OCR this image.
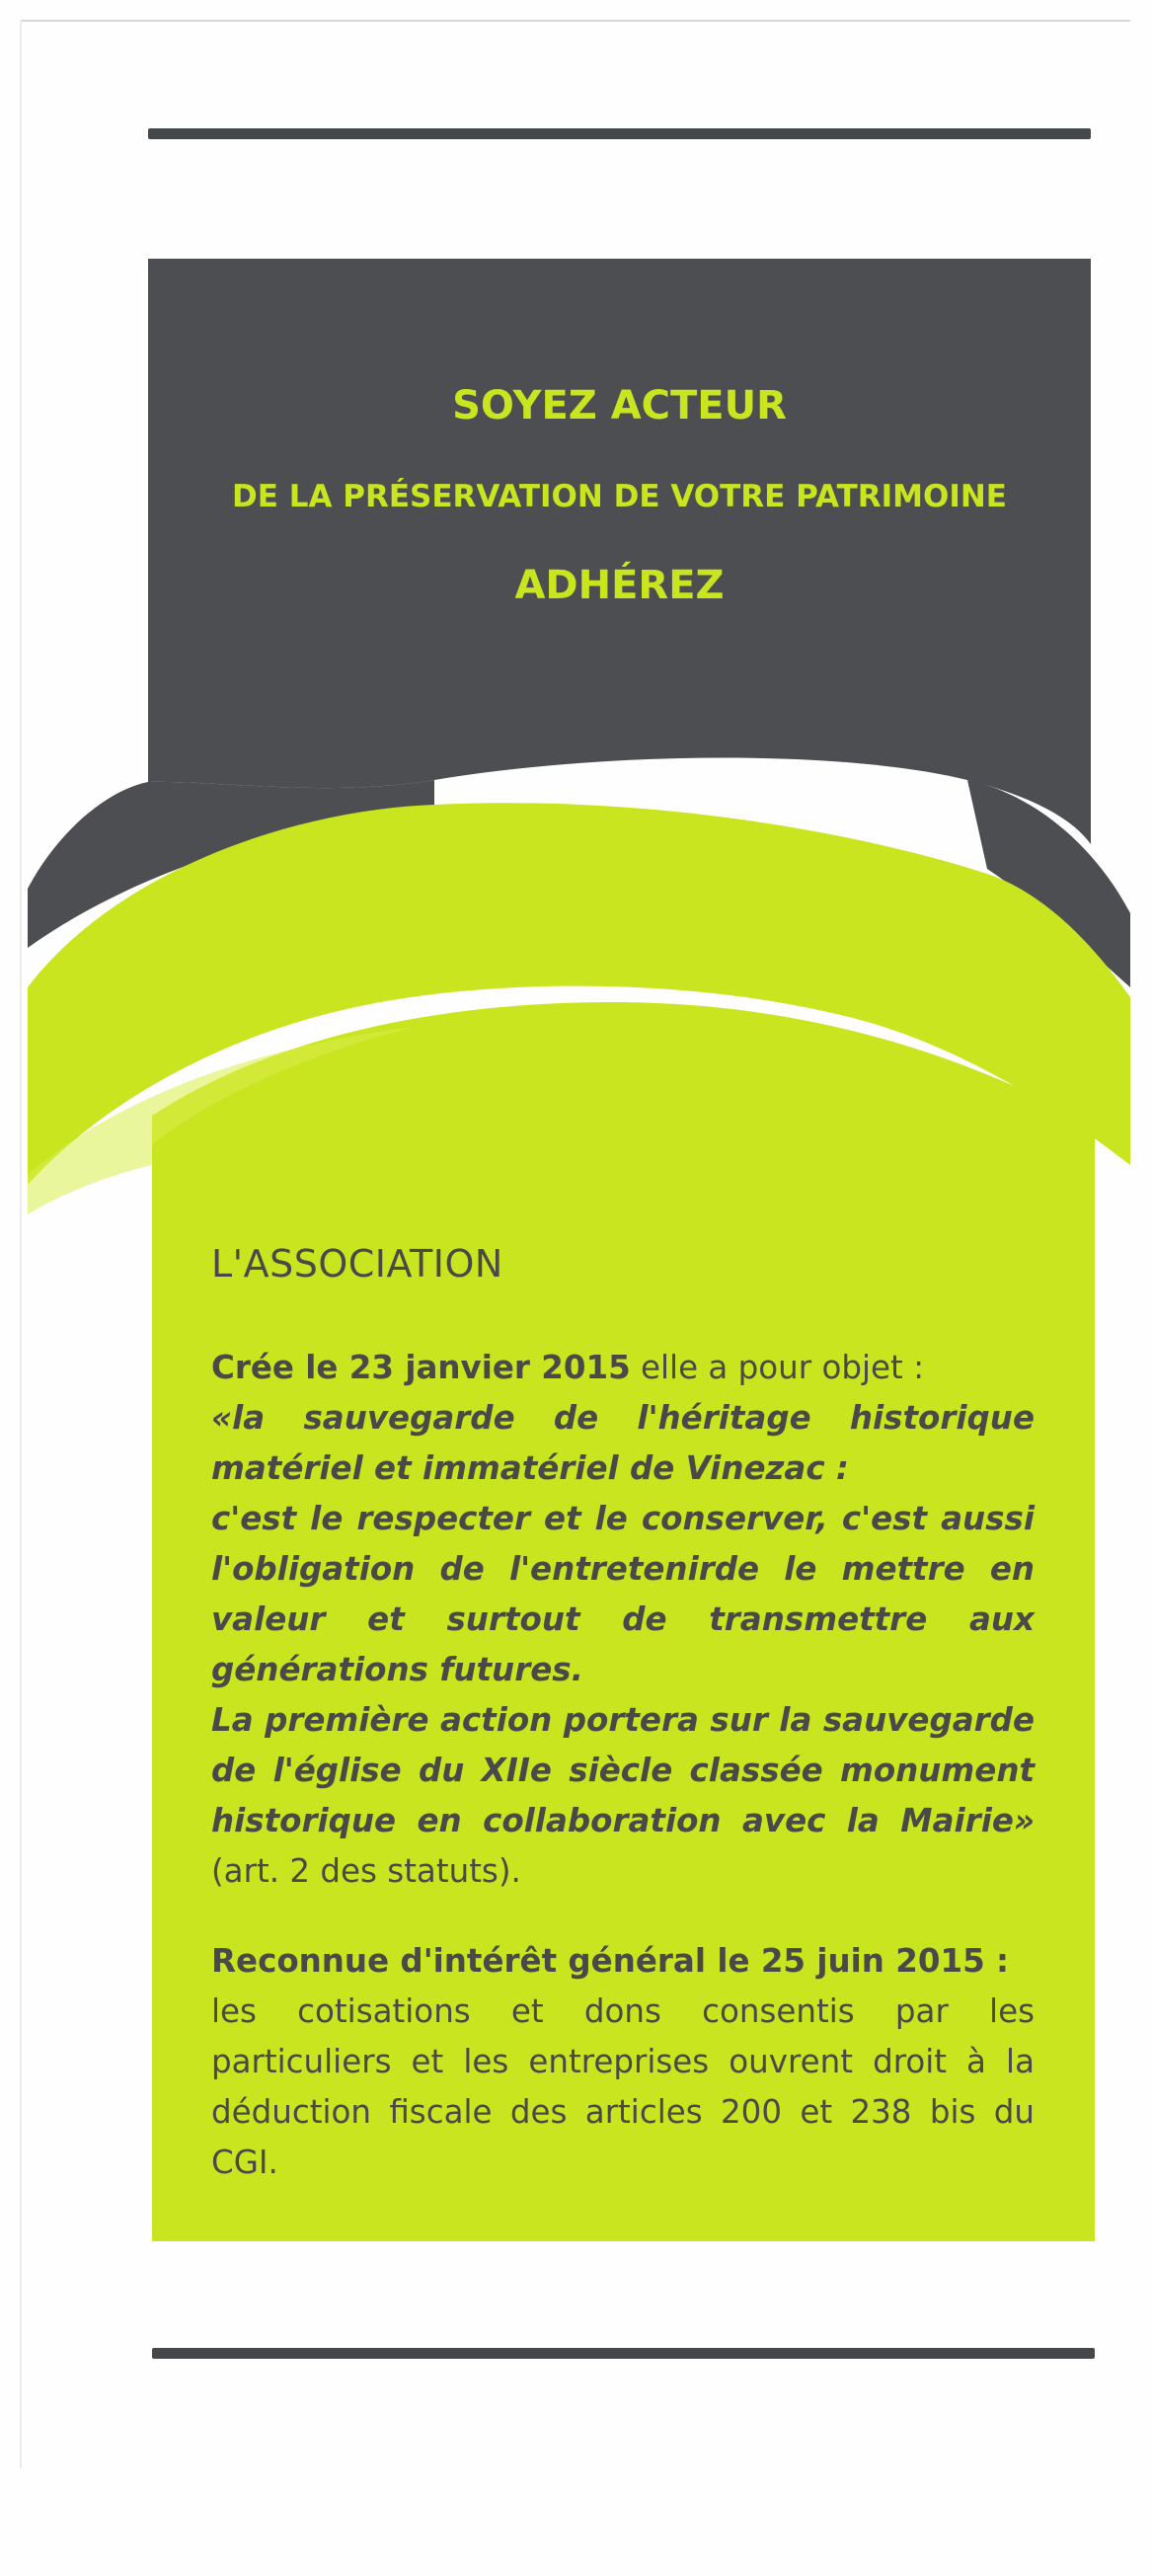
SOYEZ ACTEUR
DE LA PRÉSERVATION DE VOTRE PATRIMOINE
ADHÉREZ
L'ASSOCIATION
Crée le 23 janvier 2015 elle a pour objet :
«la sauvegarde de l'héritage historique matériel et immatériel de Vinezac :
c'est le respecter et le conserver, c'est aussi l'obligation de l'entretenirde le mettre en valeur et surtout de transmettre aux générations futures.
La première action portera sur la sauvegarde de l'église du XIIe siècle classée monument historique en collaboration avec la Mairie» (art. 2 des statuts).
Reconnue d'intérêt général le 25 juin 2015 :
les cotisations et dons consentis par les particuliers et les entreprises ouvrent droit à la déduction fiscale des articles 200 et 238 bis du CGI.
